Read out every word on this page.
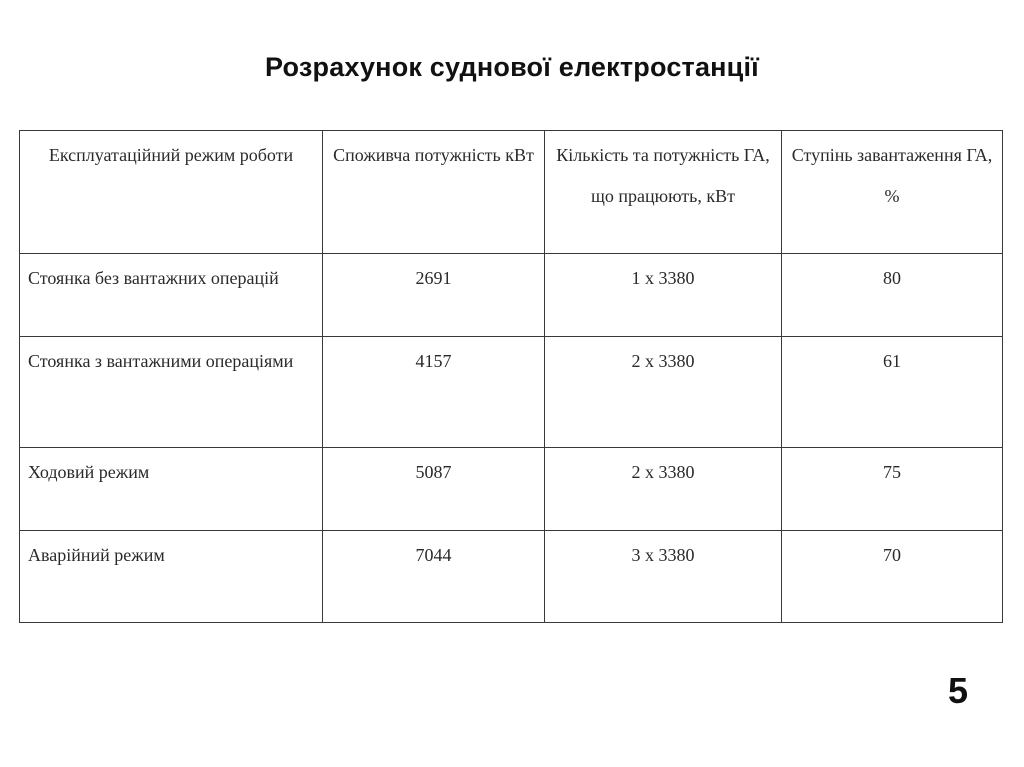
Розрахунок суднової електростанції
Експлуатаційний режим роботи	Споживча потужність кВт	Кількість та потужність ГА, що працюють, кВт	Ступінь завантаження ГА, %
Стоянка без вантажних операцій	2691	1 x 3380	80
Стоянка з вантажними операціями	4157	2 x 3380	61
Ходовий режим	5087	2 x 3380	75
Аварійний режим	7044	3 x 3380	70
5
